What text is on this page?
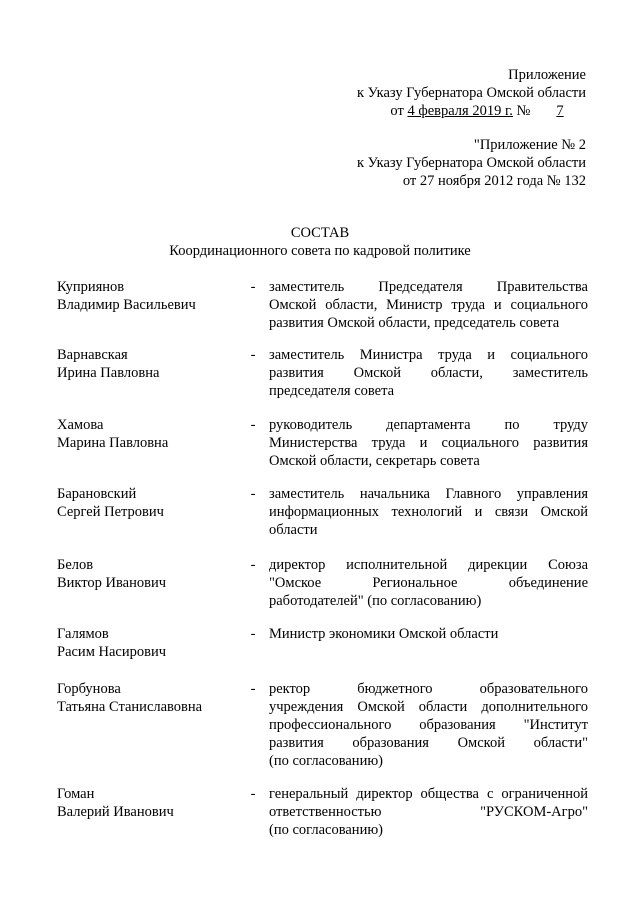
Приложение
к Указу Губернатора Омской области
от 4 февраля 2019 г. № 7
"Приложение № 2
к Указу Губернатора Омской области
от 27 ноября 2012 года № 132
СОСТАВ
Координационного совета по кадровой политике
Куприянов
Владимир Васильевич
- заместитель Председателя Правительства
Омской области, Министр труда и социального
развития Омской области, председатель совета
Варнавская
Ирина Павловна
- заместитель Министра труда и социального
развития Омской области, заместитель
председателя совета
Хамова
Марина Павловна
- руководитель департамента по труду
Министерства труда и социального развития
Омской области, секретарь совета
Барановский
Сергей Петрович
- заместитель начальника Главного управления
информационных технологий и связи Омской
области
Белов
Виктор Иванович
- директор исполнительной дирекции Союза
"Омское Региональное объединение
работодателей" (по согласованию)
Галямов
Расим Насирович
- Министр экономики Омской области
Горбунова
Татьяна Станиславовна
- ректор бюджетного образовательного
учреждения Омской области дополнительного
профессионального образования "Институт
развития образования Омской области"
(по согласованию)
Гоман
Валерий Иванович
- генеральный директор общества с ограниченной
ответственностью "РУСКОМ-Агро"
(по согласованию)
